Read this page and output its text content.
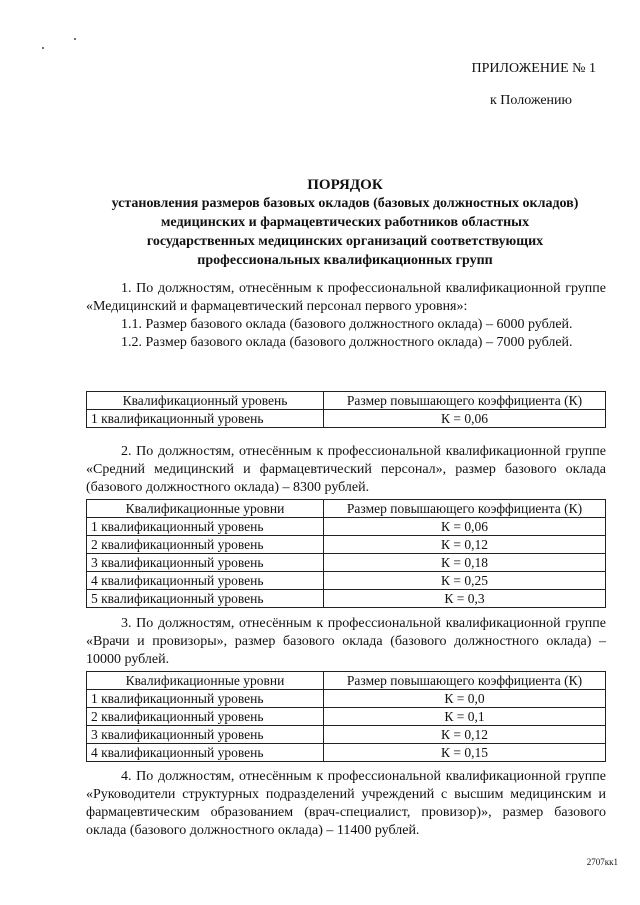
ПРИЛОЖЕНИЕ № 1
к Положению
ПОРЯДОК
установления размеров базовых окладов (базовых должностных окладов)
медицинских и фармацевтических работников областных
государственных медицинских организаций соответствующих
профессиональных квалификационных групп
1. По должностям, отнесённым к профессиональной квалификационной группе «Медицинский и фармацевтический персонал первого уровня»:
1.1. Размер базового оклада (базового должностного оклада) – 6000 рублей.
1.2. Размер базового оклада (базового должностного оклада) – 7000 рублей.
Квалификационный уровень	Размер повышающего коэффициента (К)
1 квалификационный уровень	К = 0,06
2. По должностям, отнесённым к профессиональной квалификационной группе «Средний медицинский и фармацевтический персонал», размер базового оклада (базового должностного оклада) – 8300 рублей.
Квалификационные уровни	Размер повышающего коэффициента (К)
1 квалификационный уровень	К = 0,06
2 квалификационный уровень	К = 0,12
3 квалификационный уровень	К = 0,18
4 квалификационный уровень	К = 0,25
5 квалификационный уровень	К = 0,3
3. По должностям, отнесённым к профессиональной квалификационной группе «Врачи и провизоры», размер базового оклада (базового должностного оклада) – 10000 рублей.
Квалификационные уровни	Размер повышающего коэффициента (К)
1 квалификационный уровень	К = 0,0
2 квалификационный уровень	К = 0,1
3 квалификационный уровень	К = 0,12
4 квалификационный уровень	К = 0,15
4. По должностям, отнесённым к профессиональной квалификационной группе «Руководители структурных подразделений учреждений с высшим медицинским и фармацевтическим образованием (врач-специалист, провизор)», размер базового оклада (базового должностного оклада) – 11400 рублей.
2707кк1
